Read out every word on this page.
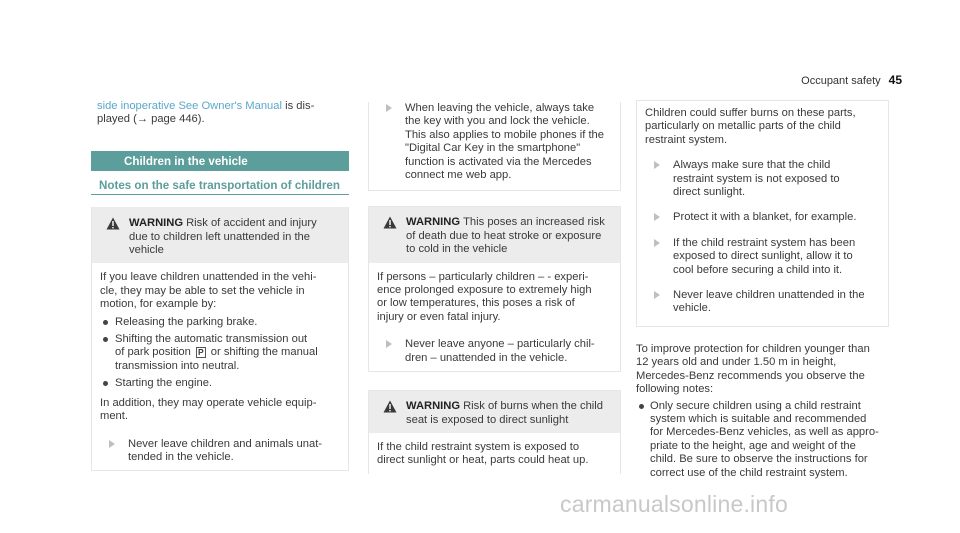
Occupant safety 45
side inoperative See Owner's Manual is dis-
played (→ page 446).
Children in the vehicle
Notes on the safe transportation of children
WARNING Risk of accident and injury
due to children left unattended in the
vehicle
If you leave children unattended in the vehi-
cle, they may be able to set the vehicle in
motion, for example by:
Releasing the parking brake.
Shifting the automatic transmission out
of park position P or shifting the manual
transmission into neutral.
Starting the engine.
In addition, they may operate vehicle equip-
ment.
Never leave children and animals unat-
tended in the vehicle.
When leaving the vehicle, always take
the key with you and lock the vehicle.
This also applies to mobile phones if the
"Digital Car Key in the smartphone"
function is activated via the Mercedes
connect me web app.
WARNING This poses an increased risk
of death due to heat stroke or exposure
to cold in the vehicle
If persons – particularly children – - experi-
ence prolonged exposure to extremely high
or low temperatures, this poses a risk of
injury or even fatal injury.
Never leave anyone – particularly chil-
dren – unattended in the vehicle.
WARNING Risk of burns when the child
seat is exposed to direct sunlight
If the child restraint system is exposed to
direct sunlight or heat, parts could heat up.
Children could suffer burns on these parts,
particularly on metallic parts of the child
restraint system.
Always make sure that the child
restraint system is not exposed to
direct sunlight.
Protect it with a blanket, for example.
If the child restraint system has been
exposed to direct sunlight, allow it to
cool before securing a child into it.
Never leave children unattended in the
vehicle.
To improve protection for children younger than
12 years old and under 1.50 m in height,
Mercedes-Benz recommends you observe the
following notes:
Only secure children using a child restraint
system which is suitable and recommended
for Mercedes-Benz vehicles, as well as appro-
priate to the height, age and weight of the
child. Be sure to observe the instructions for
correct use of the child restraint system.
carmanualsonline.info
